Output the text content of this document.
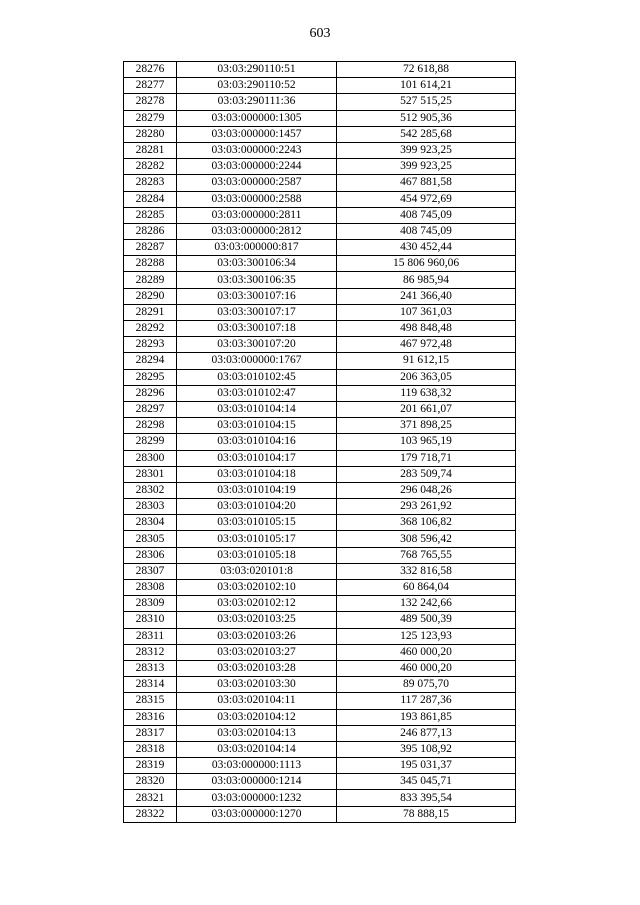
603
28276	03:03:290110:51	72 618,88
28277	03:03:290110:52	101 614,21
28278	03:03:290111:36	527 515,25
28279	03:03:000000:1305	512 905,36
28280	03:03:000000:1457	542 285,68
28281	03:03:000000:2243	399 923,25
28282	03:03:000000:2244	399 923,25
28283	03:03:000000:2587	467 881,58
28284	03:03:000000:2588	454 972,69
28285	03:03:000000:2811	408 745,09
28286	03:03:000000:2812	408 745,09
28287	03:03:000000:817	430 452,44
28288	03:03:300106:34	15 806 960,06
28289	03:03:300106:35	86 985,94
28290	03:03:300107:16	241 366,40
28291	03:03:300107:17	107 361,03
28292	03:03:300107:18	498 848,48
28293	03:03:300107:20	467 972,48
28294	03:03:000000:1767	91 612,15
28295	03:03:010102:45	206 363,05
28296	03:03:010102:47	119 638,32
28297	03:03:010104:14	201 661,07
28298	03:03:010104:15	371 898,25
28299	03:03:010104:16	103 965,19
28300	03:03:010104:17	179 718,71
28301	03:03:010104:18	283 509,74
28302	03:03:010104:19	296 048,26
28303	03:03:010104:20	293 261,92
28304	03:03:010105:15	368 106,82
28305	03:03:010105:17	308 596,42
28306	03:03:010105:18	768 765,55
28307	03:03:020101:8	332 816,58
28308	03:03:020102:10	60 864,04
28309	03:03:020102:12	132 242,66
28310	03:03:020103:25	489 500,39
28311	03:03:020103:26	125 123,93
28312	03:03:020103:27	460 000,20
28313	03:03:020103:28	460 000,20
28314	03:03:020103:30	89 075,70
28315	03:03:020104:11	117 287,36
28316	03:03:020104:12	193 861,85
28317	03:03:020104:13	246 877,13
28318	03:03:020104:14	395 108,92
28319	03:03:000000:1113	195 031,37
28320	03:03:000000:1214	345 045,71
28321	03:03:000000:1232	833 395,54
28322	03:03:000000:1270	78 888,15
